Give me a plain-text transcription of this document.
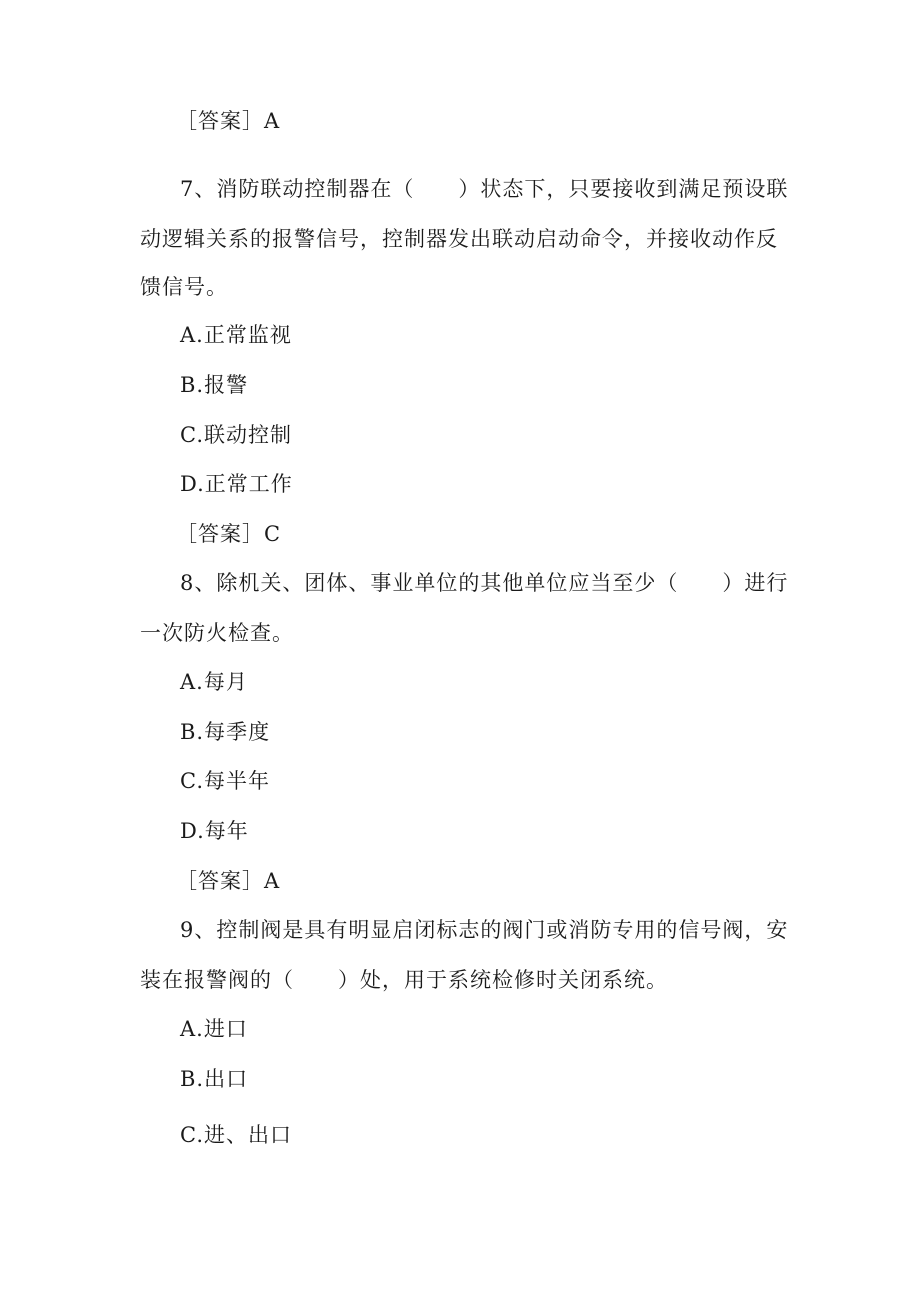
［答案］A
7、消防联动控制器在（　　）状态下，只要接收到满足预设联
动逻辑关系的报警信号，控制器发出联动启动命令，并接收动作反
馈信号。
A.正常监视
B.报警
C.联动控制
D.正常工作
［答案］C
8、除机关、团体、事业单位的其他单位应当至少（　　）进行
一次防火检查。
A.每月
B.每季度
C.每半年
D.每年
［答案］A
9、控制阀是具有明显启闭标志的阀门或消防专用的信号阀，安
装在报警阀的（　　）处，用于系统检修时关闭系统。
A.进口
B.出口
C.进、出口
